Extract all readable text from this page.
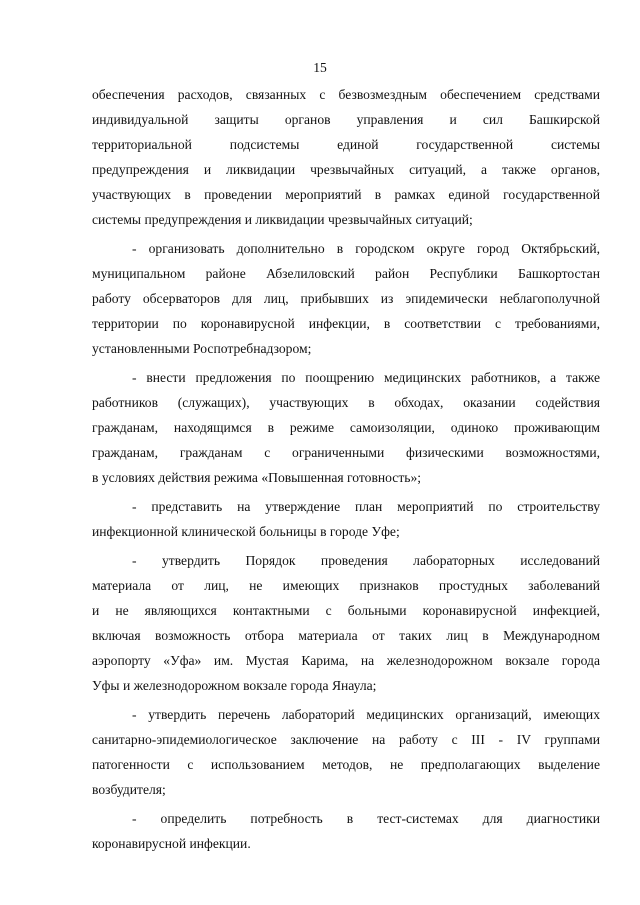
15
обеспечения расходов, связанных с безвозмездным обеспечением средствами
индивидуальной защиты органов управления и сил Башкирской
территориальной подсистемы единой государственной системы
предупреждения и ликвидации чрезвычайных ситуаций, а также органов,
участвующих в проведении мероприятий в рамках единой государственной
системы предупреждения и ликвидации чрезвычайных ситуаций;
- организовать дополнительно в городском округе город Октябрьский,
муниципальном районе Абзелиловский район Республики Башкортостан
работу обсерваторов для лиц, прибывших из эпидемически неблагополучной
территории по коронавирусной инфекции, в соответствии с требованиями,
установленными Роспотребнадзором;
- внести предложения по поощрению медицинских работников, а также
работников (служащих), участвующих в обходах, оказании содействия
гражданам, находящимся в режиме самоизоляции, одиноко проживающим
гражданам, гражданам с ограниченными физическими возможностями,
в условиях действия режима «Повышенная готовность»;
- представить на утверждение план мероприятий по строительству
инфекционной клинической больницы в городе Уфе;
- утвердить Порядок проведения лабораторных исследований
материала от лиц, не имеющих признаков простудных заболеваний
и не являющихся контактными с больными коронавирусной инфекцией,
включая возможность отбора материала от таких лиц в Международном
аэропорту «Уфа» им. Мустая Карима, на железнодорожном вокзале города
Уфы и железнодорожном вокзале города Янаула;
- утвердить перечень лабораторий медицинских организаций, имеющих
санитарно-эпидемиологическое заключение на работу с III - IV группами
патогенности с использованием методов, не предполагающих выделение
возбудителя;
- определить потребность в тест-системах для диагностики
коронавирусной инфекции.
